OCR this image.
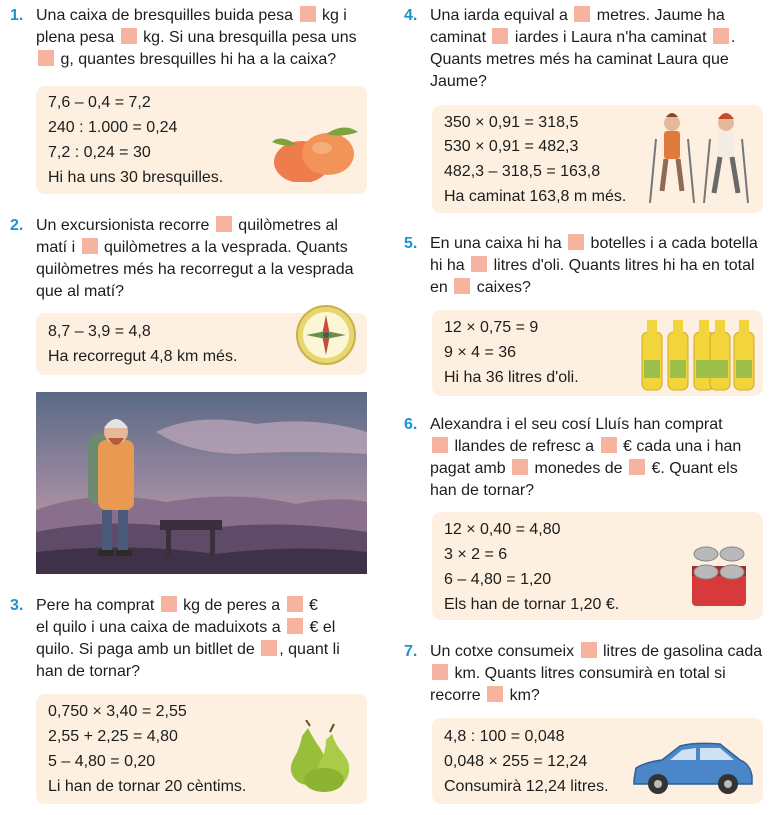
1. Una caixa de bresquilles buida pesa  kg i
plena pesa  kg. Si una bresquilla pesa uns
g, quantes bresquilles hi ha a la caixa?
7,6 – 0,4 = 7,2
240 : 1.000 = 0,24
7,2 : 0,24 = 30
Hi ha uns 30 bresquilles.
2. Un excursionista recorre  quilòmetres al
matí i  quilòmetres a la vesprada. Quants
quilòmetres més ha recorregut a la vesprada
que al matí?
8,7 – 3,9 = 4,8
Ha recorregut 4,8 km més.
3. Pere ha comprat  kg de peres a  €
el quilo i una caixa de maduixots a  € el
quilo. Si paga amb un bitllet de , quant li
han de tornar?
0,750 × 3,40 = 2,55
2,55 + 2,25 = 4,80
5 – 4,80 = 0,20
Li han de tornar 20 cèntims.
4. Una iarda equival a  metres. Jaume ha
caminat  iardes i Laura n'ha caminat .
Quants metres més ha caminat Laura que
Jaume?
350 × 0,91 = 318,5
530 × 0,91 = 482,3
482,3 – 318,5 = 163,8
Ha caminat 163,8 m més.
5. En una caixa hi ha  botelles i a cada botella
hi ha  litres d'oli. Quants litres hi ha en total
en  caixes?
12 × 0,75 = 9
9 × 4 = 36
Hi ha 36 litres d'oli.
6. Alexandra i el seu cosí Lluís han comprat
llandes de refresc a  € cada una i han
pagat amb  monedes de  €. Quant els
han de tornar?
12 × 0,40 = 4,80
3 × 2 = 6
6 – 4,80 = 1,20
Els han de tornar 1,20 €.
7. Un cotxe consumeix  litres de gasolina cada
km. Quants litres consumirà en total si
recorre  km?
4,8 : 100 = 0,048
0,048 × 255 = 12,24
Consumirà 12,24 litres.
